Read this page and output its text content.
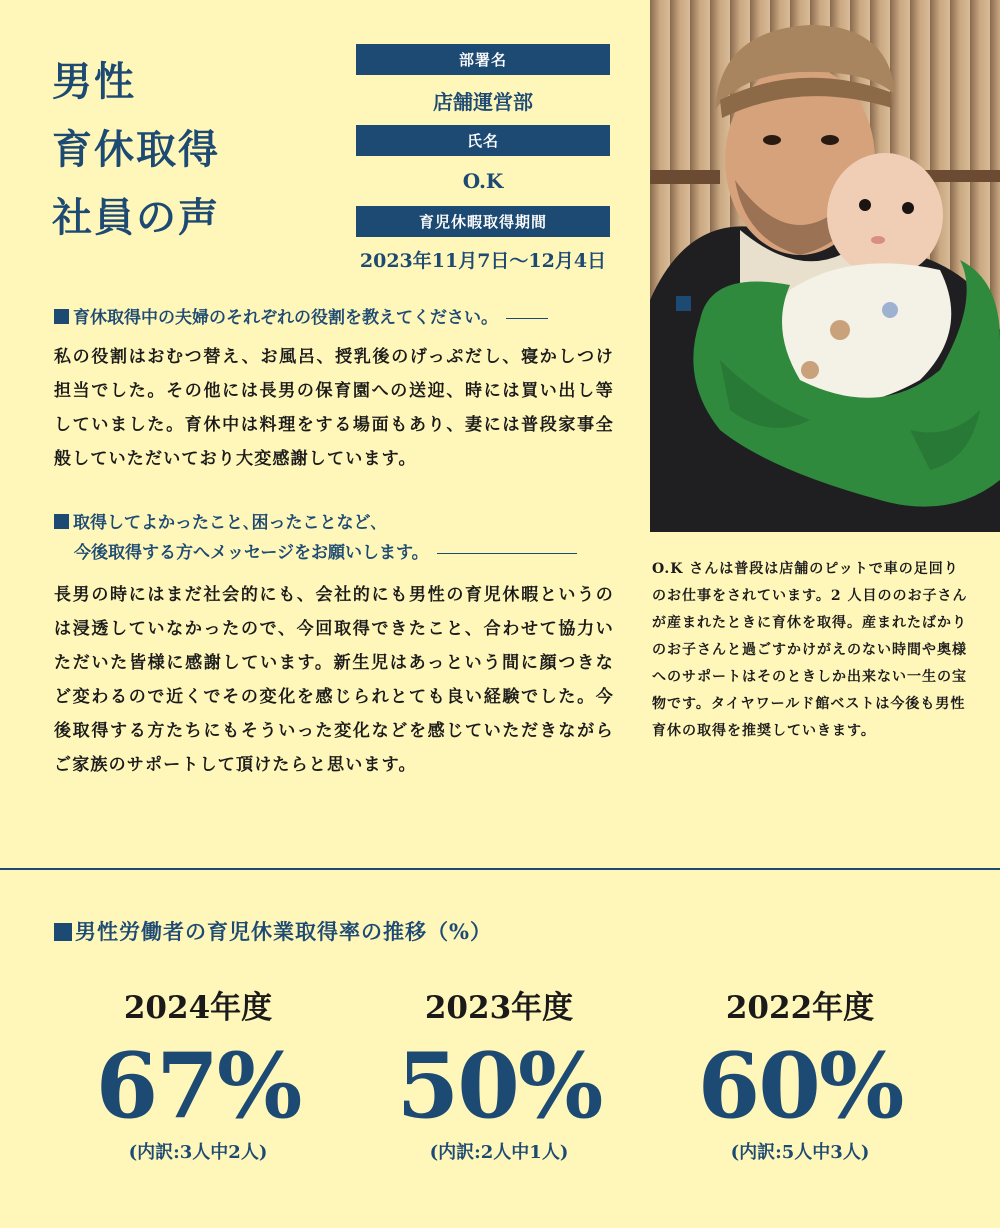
男性
育休取得
社員の声
部署名
店舗運営部
氏名
O.K
育児休暇取得期間
2023年11月7日〜12月4日
育休取得中の夫婦のそれぞれの役割を教えてください。
私の役割はおむつ替え、お風呂、授乳後のげっぷだし、寝かしつけ担当でした。その他には長男の保育園への送迎、時には買い出し等していました。育休中は料理をする場面もあり、妻には普段家事全般していただいており大変感謝しています。
取得してよかったこと､困ったことなど､
今後取得する方へメッセージをお願いします。
長男の時にはまだ社会的にも、会社的にも男性の育児休暇というのは浸透していなかったので、今回取得できたこと、合わせて協力いただいた皆様に感謝しています。新生児はあっという間に顔つきなど変わるので近くでその変化を感じられとても良い経験でした。今後取得する方たちにもそういった変化などを感じていただきながらご家族のサポートして頂けたらと思います。
O.K さんは普段は店舗のピットで車の足回りのお仕事をされています。2 人目ののお子さんが産まれたときに育休を取得。産まれたばかりのお子さんと過ごすかけがえのない時間や奥様へのサポートはそのときしか出来ない一生の宝物です。タイヤワールド館ベストは今後も男性育休の取得を推奨していきます。
男性労働者の育児休業取得率の推移（%）
2024年度
67%
(内訳:3人中2人)
2023年度
50%
(内訳:2人中1人)
2022年度
60%
(内訳:5人中3人)
